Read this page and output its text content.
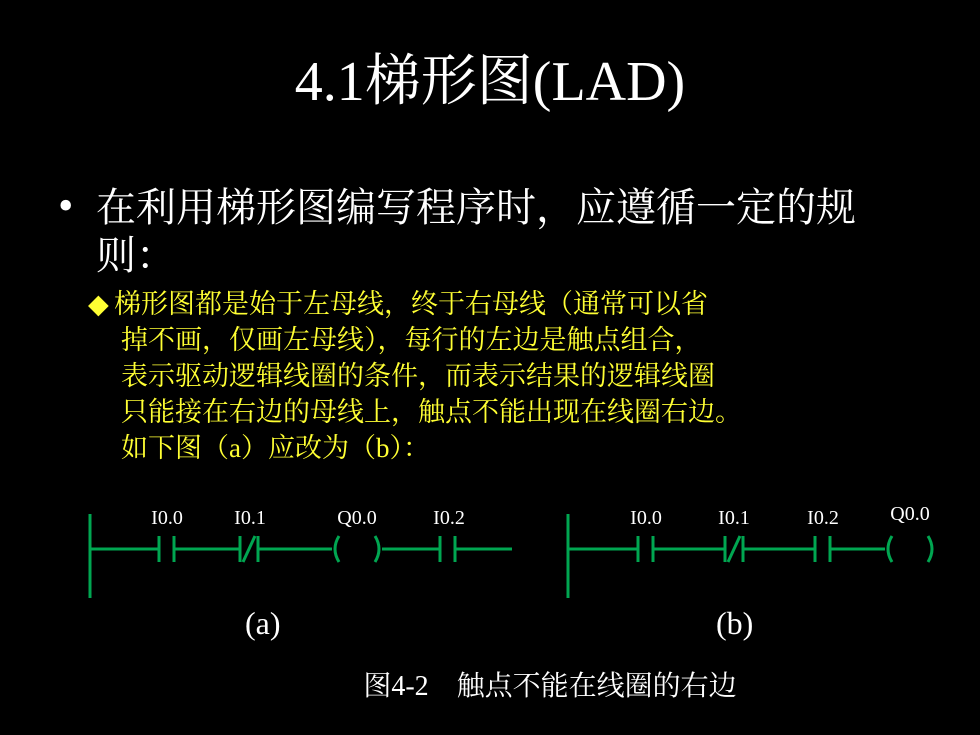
4.1梯形图(LAD)
• 在利用梯形图编写程序时，应遵循一定的规则：
◆ 梯形图都是始于左母线，终于右母线（通常可以省
掉不画，仅画左母线），每行的左边是触点组合，
表示驱动逻辑线圈的条件，而表示结果的逻辑线圈
只能接在右边的母线上，触点不能出现在线圈右边。
如下图（a）应改为（b）：
I0.0	I0.1	Q0.0	I0.2	I0.0	I0.1	I0.2	Q0.0
(a)	(b)
图4-2　触点不能在线圈的右边
